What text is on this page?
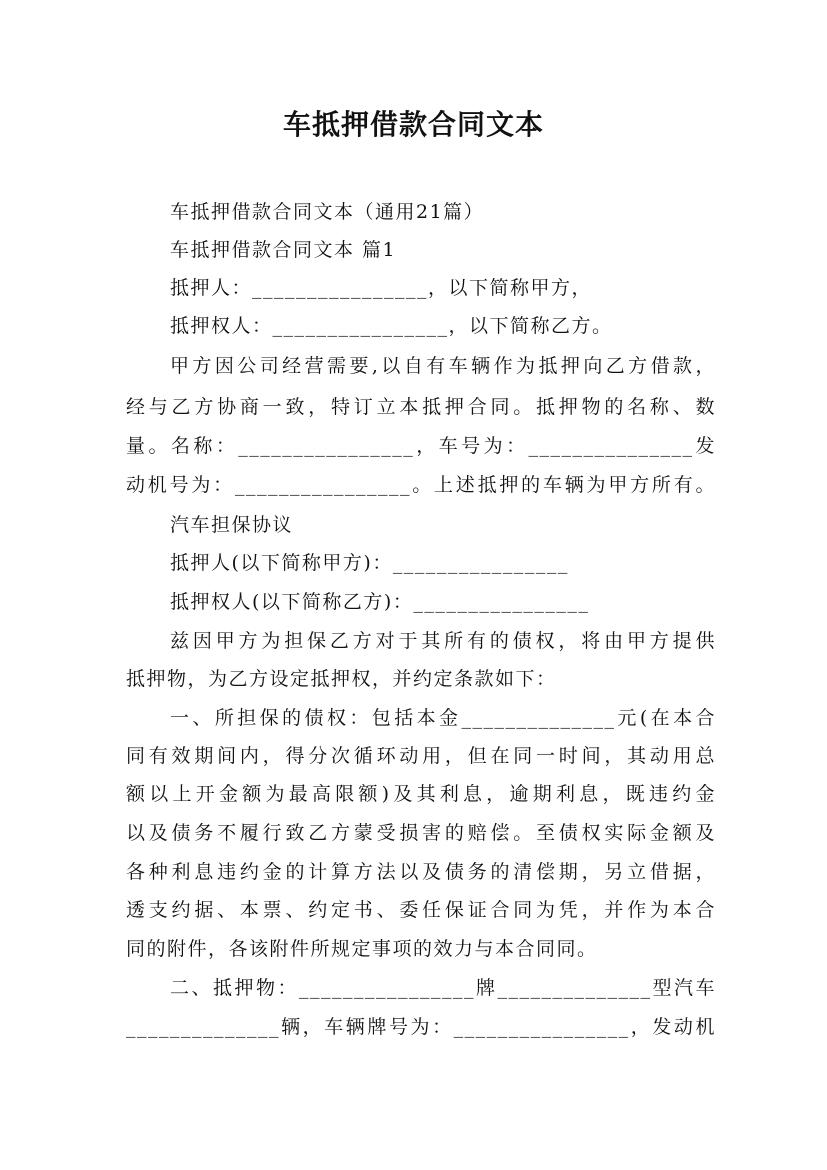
车抵押借款合同文本
车抵押借款合同文本（通用21篇）
车抵押借款合同文本 篇1
抵押人：________________，以下简称甲方，
抵押权人：________________，以下简称乙方。
甲方因公司经营需要,以自有车辆作为抵押向乙方借款，
经与乙方协商一致，特订立本抵押合同。抵押物的名称、数
量。名称：________________，车号为：_______________发
动机号为：________________。上述抵押的车辆为甲方所有。
汽车担保协议
抵押人(以下简称甲方)：________________
抵押权人(以下简称乙方)：________________
兹因甲方为担保乙方对于其所有的债权，将由甲方提供
抵押物，为乙方设定抵押权，并约定条款如下：
一、所担保的债权：包括本金______________元(在本合
同有效期间内，得分次循环动用，但在同一时间，其动用总
额以上开金额为最高限额)及其利息，逾期利息，既违约金
以及债务不履行致乙方蒙受损害的赔偿。至债权实际金额及
各种利息违约金的计算方法以及债务的清偿期，另立借据，
透支约据、本票、约定书、委任保证合同为凭，并作为本合
同的附件，各该附件所规定事项的效力与本合同同。
二、抵押物：________________牌______________型汽车
______________辆，车辆牌号为：________________，发动机
